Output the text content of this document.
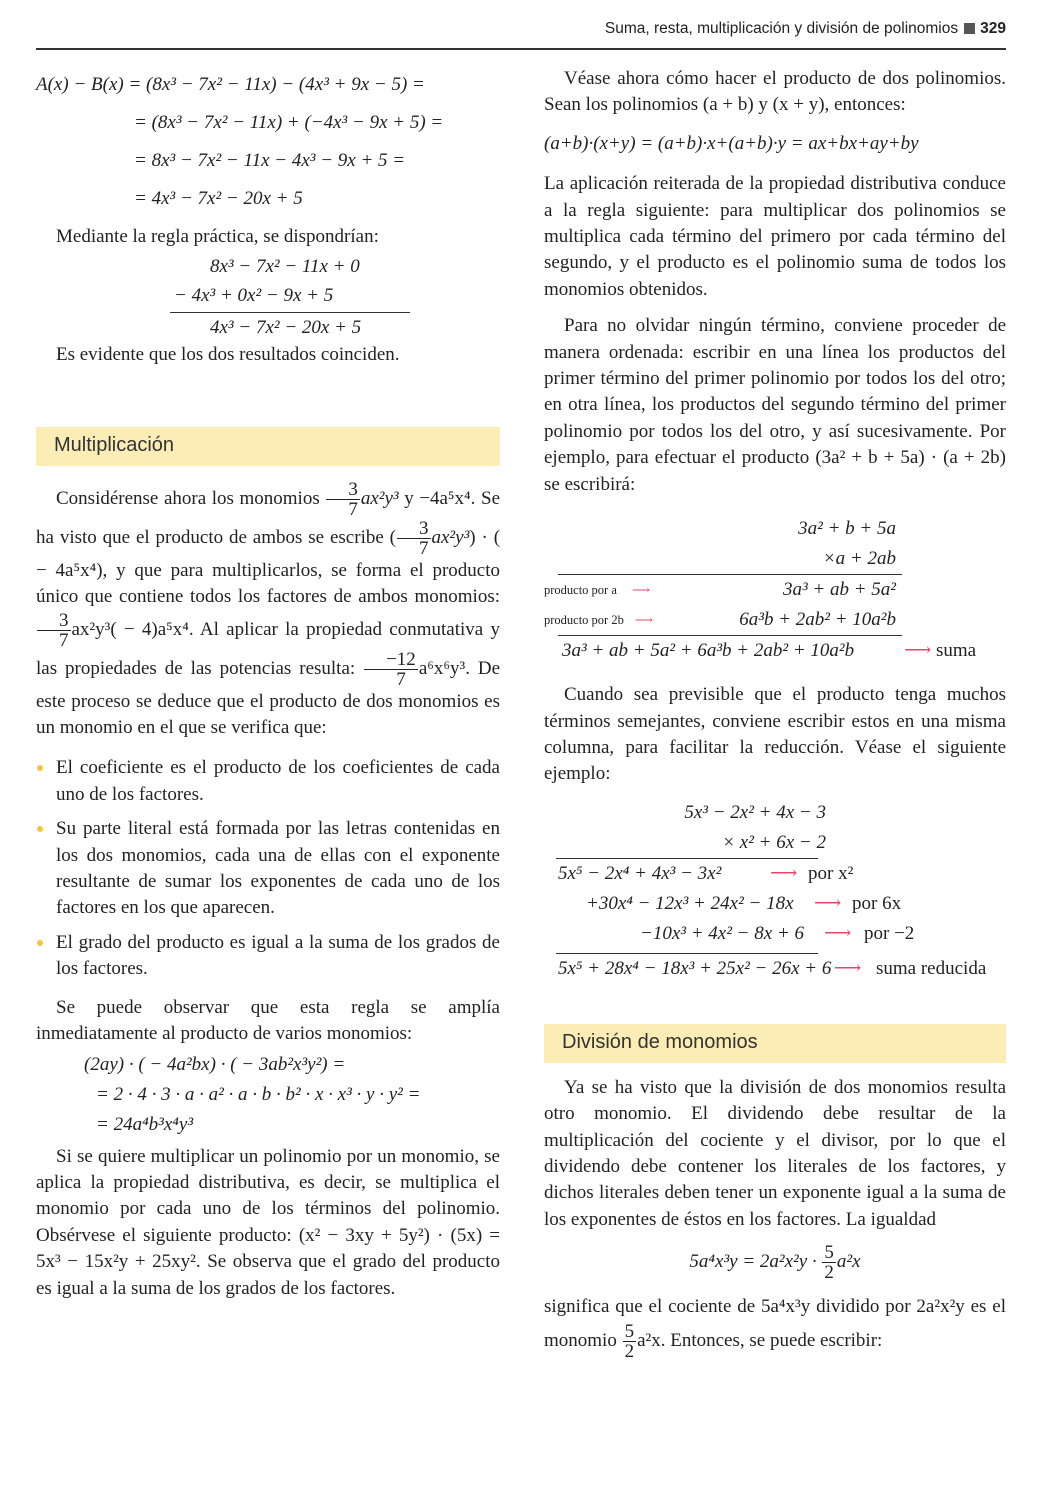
Suma, resta, multiplicación y división de polinomios 329
A(x) − B(x) = (8x³ − 7x² − 11x) − (4x³ + 9x − 5) =
= (8x³ − 7x² − 11x) + (−4x³ − 9x + 5) =
= 8x³ − 7x² − 11x − 4x³ − 9x + 5 =
= 4x³ − 7x² − 20x + 5

Mediante la regla práctica, se dispondrían:

8x³ − 7x² − 11x + 0
− 4x³ + 0x² − 9x + 5
4x³ − 7x² − 20x + 5

Es evidente que los dos resultados coinciden.

Multiplicación

Considérense ahora los monomios $\frac{3}{7} ax^2y^3$ y −4a⁵x⁴. Se ha visto que el producto de ambos se escribe ( $\frac{3}{7} ax^2y^3$) · ( − 4a⁵x⁴), y que para multiplicarlos, se forma el producto único que contiene todos los factores de ambos monomios:
$\frac{3}{7} ax^2y^3( - 4)a^5x^4$. Al aplicar la propiedad conmutativa y las propiedades de las potencias resulta: $\frac{-12}{7} a^6x^6y^3$. De este proceso se deduce que el producto de dos monomios es un monomio en el que se verifica que:

El coeficiente es el producto de los coeficientes de cada uno de los factores.
Su parte literal está formada por las letras contenidas en los dos monomios, cada una de ellas con el exponente resultante de sumar los exponentes de cada uno de los factores en los que aparecen.
El grado del producto es igual a la suma de los grados de los factores.

Se puede observar que esta regla se amplía inmediatamente al producto de varios monomios:

(2ay) · ( − 4a²bx) · ( − 3ab²x³y²) =
= 2 · 4 · 3 · a · a² · a · b · b² · x · x³ · y · y² =
= 24a⁴b³x⁴y³

Si se quiere multiplicar un polinomio por un monomio, se aplica la propiedad distributiva, es decir, se multiplica el monomio por cada uno de los términos del polinomio. Obsérvese el siguiente producto: (x² − 3xy + 5y²) · (5x) = 5x³ − 15x²y + 25xy². Se observa que el grado del producto es igual a la suma de los grados de los factores.

Véase ahora cómo hacer el producto de dos polinomios. Sean los polinomios (a + b) y (x + y), entonces:

(a+b)·(x+y) = (a+b)·x+(a+b)·y = ax+bx+ay+by

La aplicación reiterada de la propiedad distributiva conduce a la regla siguiente: para multiplicar dos polinomios se multiplica cada término del primero por cada término del segundo, y el producto es el polinomio suma de todos los monomios obtenidos.

Para no olvidar ningún término, conviene proceder de manera ordenada: escribir en una línea los productos del primer término del primer polinomio por todos los del otro; en otra línea, los productos del segundo término del primer polinomio por todos los del otro, y así sucesivamente. Por ejemplo, para efectuar el producto (3a² + b + 5a) · (a + 2b) se escribirá:

3a² + b + 5a
×a + 2ab
producto por a ⟶	3a³ + ab + 5a²
producto por 2b ⟶	6a³b + 2ab² + 10a²b
3a³ + ab + 5a² + 6a³b + 2ab² + 10a²b	⟶ suma

Cuando sea previsible que el producto tenga muchos términos semejantes, conviene escribir estos en una misma columna, para facilitar la reducción. Véase el siguiente ejemplo:

5x³ − 2x² + 4x − 3
× x² + 6x − 2
5x⁵ − 2x⁴ + 4x³ − 3x²	⟶ por x²
+30x⁴ − 12x³ + 24x² − 18x ⟶ por 6x
−10x³ + 4x² − 8x + 6 ⟶ por −2
5x⁵ + 28x⁴ − 18x³ + 25x² − 26x + 6 ⟶ suma reducida
División de monomios

Ya se ha visto que la división de dos monomios resulta otro monomio. El dividendo debe resultar de la multiplicación del cociente y el divisor, por lo que el dividendo debe contener los literales de los factores, y dichos literales deben tener un exponente igual a la suma de los exponentes de éstos en los factores. La igualdad

$5a^4x^3y = 2a^2x^2y \cdot \frac{5}{2} a^2x$

significa que el cociente de 5a⁴x³y dividido por 2a²x²y es el monomio $\frac{5}{2} a^2x$. Entonces, se puede escribir:
